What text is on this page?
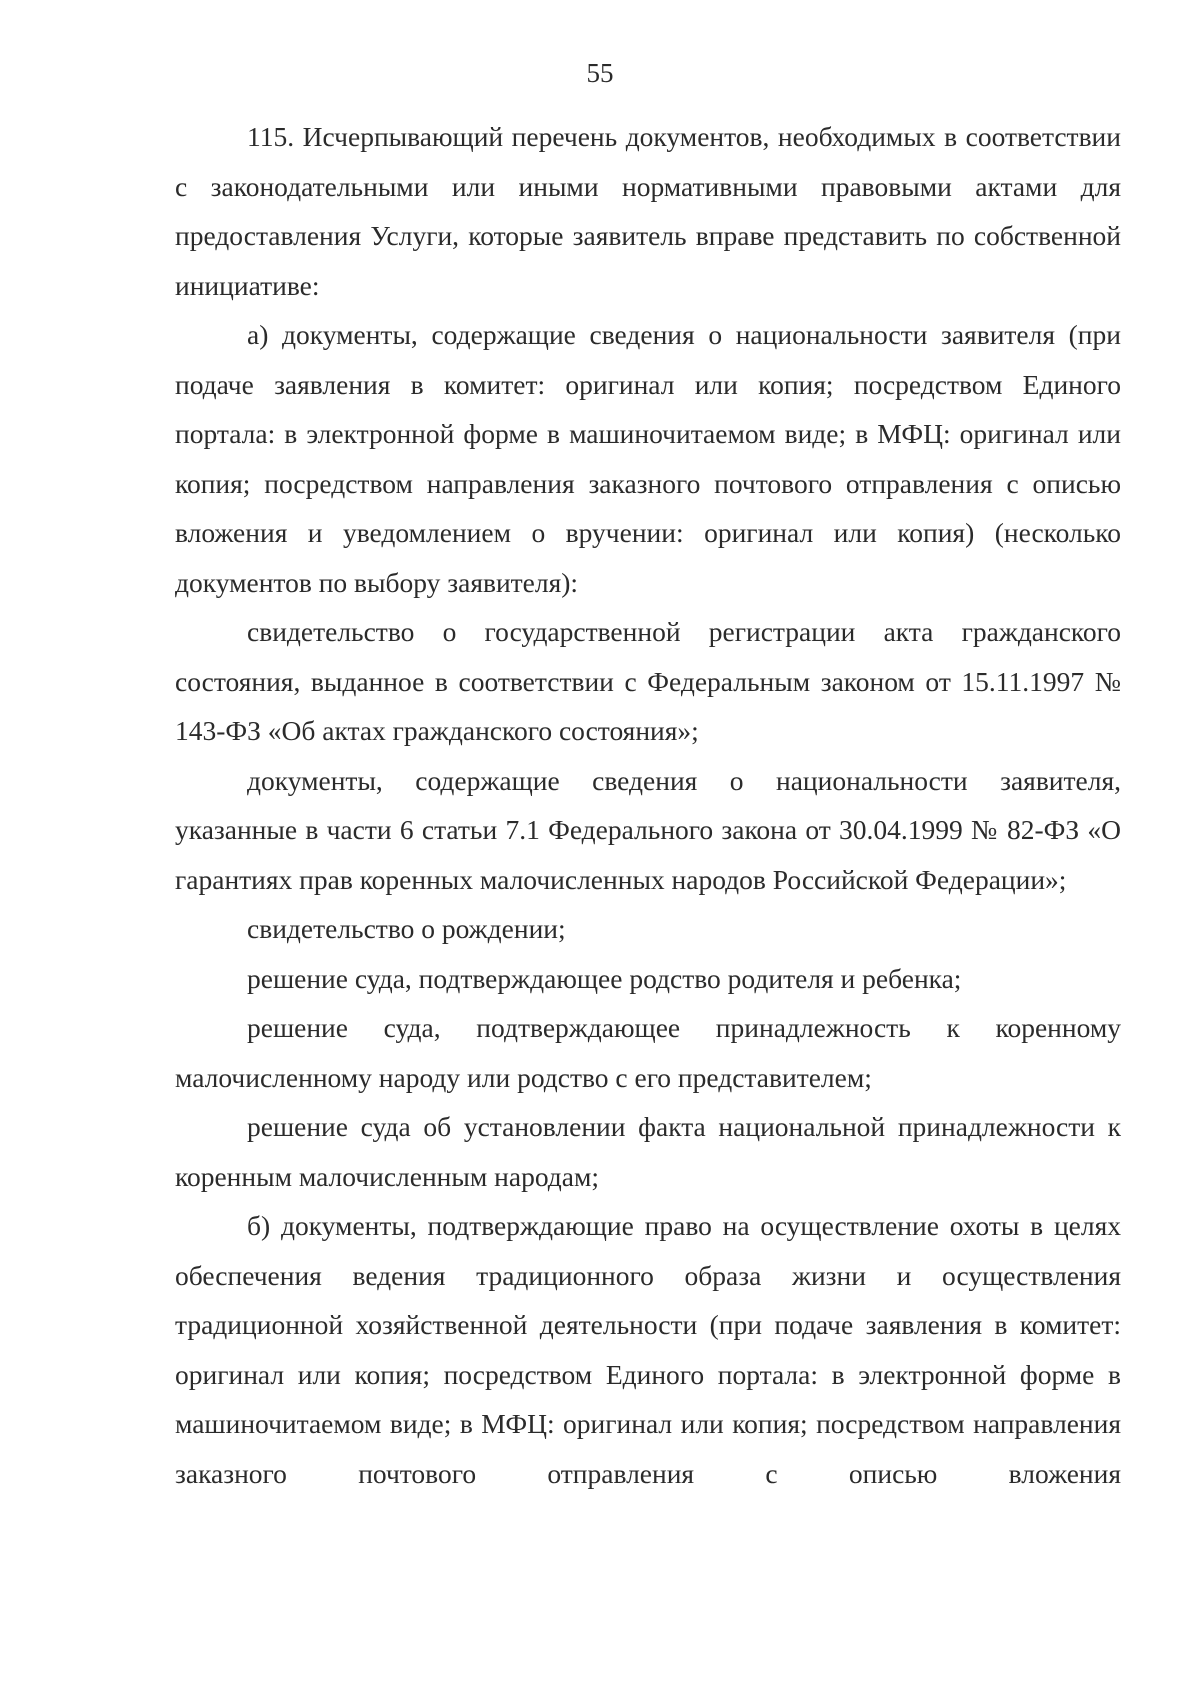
55

115. Исчерпывающий перечень документов, необходимых в соответствии с законодательными или иными нормативными правовыми актами для предоставления Услуги, которые заявитель вправе представить по собственной инициативе:

а) документы, содержащие сведения о национальности заявителя (при подаче заявления в комитет: оригинал или копия; посредством Единого портала: в электронной форме в машиночитаемом виде; в МФЦ: оригинал или копия; посредством направления заказного почтового отправления с описью вложения и уведомлением о вручении: оригинал или копия) (несколько документов по выбору заявителя):

свидетельство о государственной регистрации акта гражданского состояния, выданное в соответствии с Федеральным законом от 15.11.1997 № 143-ФЗ «Об актах гражданского состояния»;

документы, содержащие сведения о национальности заявителя, указанные в части 6 статьи 7.1 Федерального закона от 30.04.1999 № 82-ФЗ «О гарантиях прав коренных малочисленных народов Российской Федерации»;

свидетельство о рождении;

решение суда, подтверждающее родство родителя и ребенка;

решение суда, подтверждающее принадлежность к коренному малочисленному народу или родство с его представителем;

решение суда об установлении факта национальной принадлежности к коренным малочисленным народам;

б) документы, подтверждающие право на осуществление охоты в целях обеспечения ведения традиционного образа жизни и осуществления традиционной хозяйственной деятельности (при подаче заявления в комитет: оригинал или копия; посредством Единого портала: в электронной форме в машиночитаемом виде; в МФЦ: оригинал или копия; посредством направления заказного почтового отправления с описью вложения
